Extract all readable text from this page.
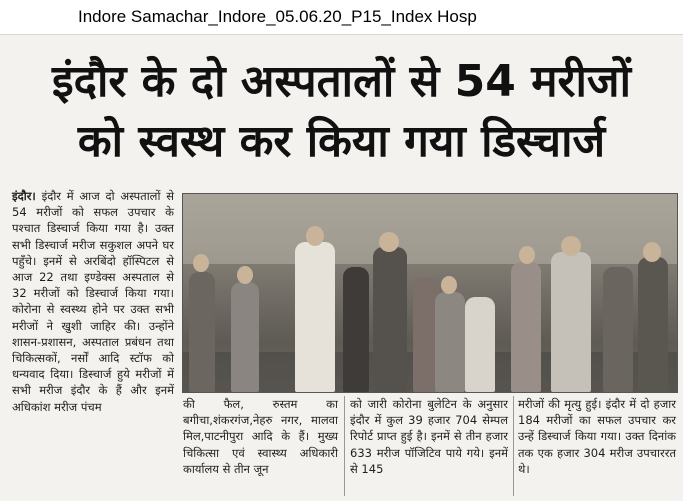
Indore Samachar_Indore_05.06.20_P15_Index Hosp
इंदौर के दो अस्पतालों से 54 मरीजों
को स्वस्थ कर किया गया डिस्चार्ज

इंदौर। इंदौर में आज दो अस्पतालों से 54 मरीजों को सफल उपचार के पश्चात डिस्चार्ज किया गया है। उक्त सभी डिस्चार्ज मरीज सकुशल अपने घर पहुँचे। इनमें से अरबिंदो हॉस्पिटल से आज 22 तथा इण्डेक्स अस्पताल से 32 मरीजों को डिस्चार्ज किया गया। कोरोना से स्वस्थ्य होने पर उक्त सभी मरीजों ने खुशी जाहिर की। उन्होंने शासन-प्रशासन, अस्पताल प्रबंधन तथा चिकित्सकों, नर्सों आदि स्टॉफ को धन्यवाद दिया। डिस्चार्ज हुये मरीजों में सभी मरीज इंदौर के हैं और इनमें अधिकांश मरीज पंचम	की फैल, रुस्तम का बगीचा,शंकरगंज,नेहरु नगर, मालवा मिल,पाटनीपुरा आदि के हैं। मुख्य चिकित्सा एवं स्वास्थ्य अधिकारी कार्यालय से तीन जून
को जारी कोरोना बुलेटिन के अनुसार इंदौर में कुल 39 हजार 704 सेम्पल रिपोर्ट प्राप्त हुई है। इनमें से तीन हजार 633 मरीज पॉजिटिव पाये गये। इनमें से 145
मरीजों की मृत्यु हुई। इंदौर में दो हजार 184 मरीजों का सफल उपचार कर उन्हें डिस्चार्ज किया गया। उक्त दिनांक तक एक हजार 304 मरीज उपचाररत थे।
